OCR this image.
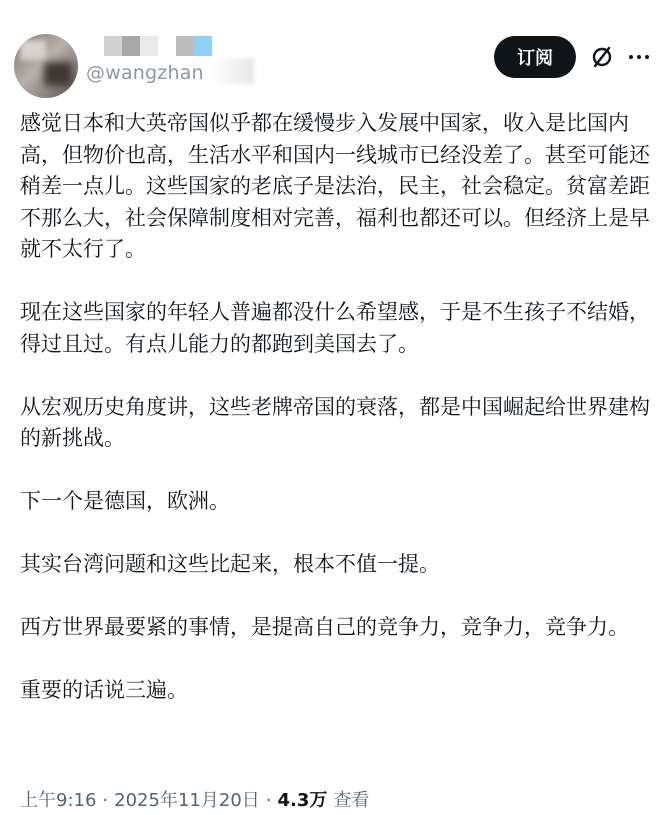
@wangzhan
订阅

感觉日本和大英帝国似乎都在缓慢步入发展中国家，收入是比国内高，但物价也高，生活水平和国内一线城市已经没差了。甚至可能还稍差一点儿。这些国家的老底子是法治，民主，社会稳定。贫富差距不那么大，社会保障制度相对完善，福利也都还可以。但经济上是早就不太行了。

现在这些国家的年轻人普遍都没什么希望感，于是不生孩子不结婚，得过且过。有点儿能力的都跑到美国去了。

从宏观历史角度讲，这些老牌帝国的衰落，都是中国崛起给世界建构的新挑战。

下一个是德国，欧洲。

其实台湾问题和这些比起来，根本不值一提。

西方世界最要紧的事情，是提高自己的竞争力，竞争力，竞争力。

重要的话说三遍。

上午9:16 · 2025年11月20日 · 4.3万 查看
